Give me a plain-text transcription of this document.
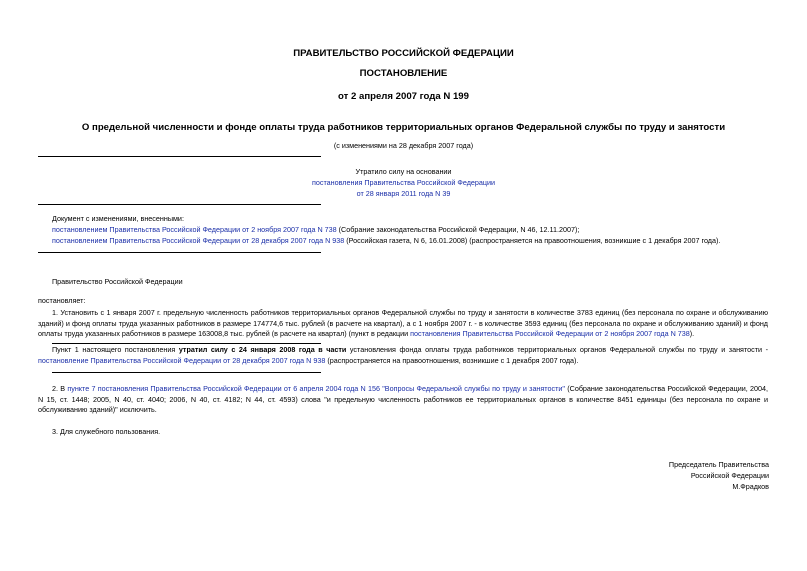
ПРАВИТЕЛЬСТВО РОССИЙСКОЙ ФЕДЕРАЦИИ
ПОСТАНОВЛЕНИЕ
от 2 апреля 2007 года N 199
О предельной численности и фонде оплаты труда работников территориальных органов Федеральной службы по труду и занятости
(с изменениями на 28 декабря 2007 года)
Утратило силу на основании
постановления Правительства Российской Федерации
от 28 января 2011 года N 39
Документ с изменениями, внесенными:
постановлением Правительства Российской Федерации от 2 ноября 2007 года N 738 (Собрание законодательства Российской Федерации, N 46, 12.11.2007);
постановлением Правительства Российской Федерации от 28 декабря 2007 года N 938 (Российская газета, N 6, 16.01.2008) (распространяется на правоотношения, возникшие с 1 декабря 2007 года).
Правительство Российской Федерации
постановляет:
1. Установить с 1 января 2007 г. предельную численность работников территориальных органов Федеральной службы по труду и занятости в количестве 3783 единиц (без персонала по охране и обслуживанию зданий) и фонд оплаты труда указанных работников в размере 174774,6 тыс. рублей (в расчете на квартал), а с 1 ноября 2007 г. - в количестве 3593 единиц (без персонала по охране и обслуживанию зданий) и фонд оплаты труда указанных работников в размере 163008,8 тыс. рублей (в расчете на квартал) (пункт в редакции постановления Правительства Российской Федерации от 2 ноября 2007 года N 738).
Пункт 1 настоящего постановления утратил силу с 24 января 2008 года в части установления фонда оплаты труда работников территориальных органов Федеральной службы по труду и занятости - постановление Правительства Российской Федерации от 28 декабря 2007 года N 938 (распространяется на правоотношения, возникшие с 1 декабря 2007 года).
2. В пункте 7 постановления Правительства Российской Федерации от 6 апреля 2004 года N 156 "Вопросы Федеральной службы по труду и занятости" (Собрание законодательства Российской Федерации, 2004, N 15, ст. 1448; 2005, N 40, ст. 4040; 2006, N 40, ст. 4182; N 44, ст. 4593) слова "и предельную численность работников ее территориальных органов в количестве 8451 единицы (без персонала по охране и обслуживанию зданий)" исключить.
3. Для служебного пользования.
Председатель Правительства
Российской Федерации
М.Фрадков
